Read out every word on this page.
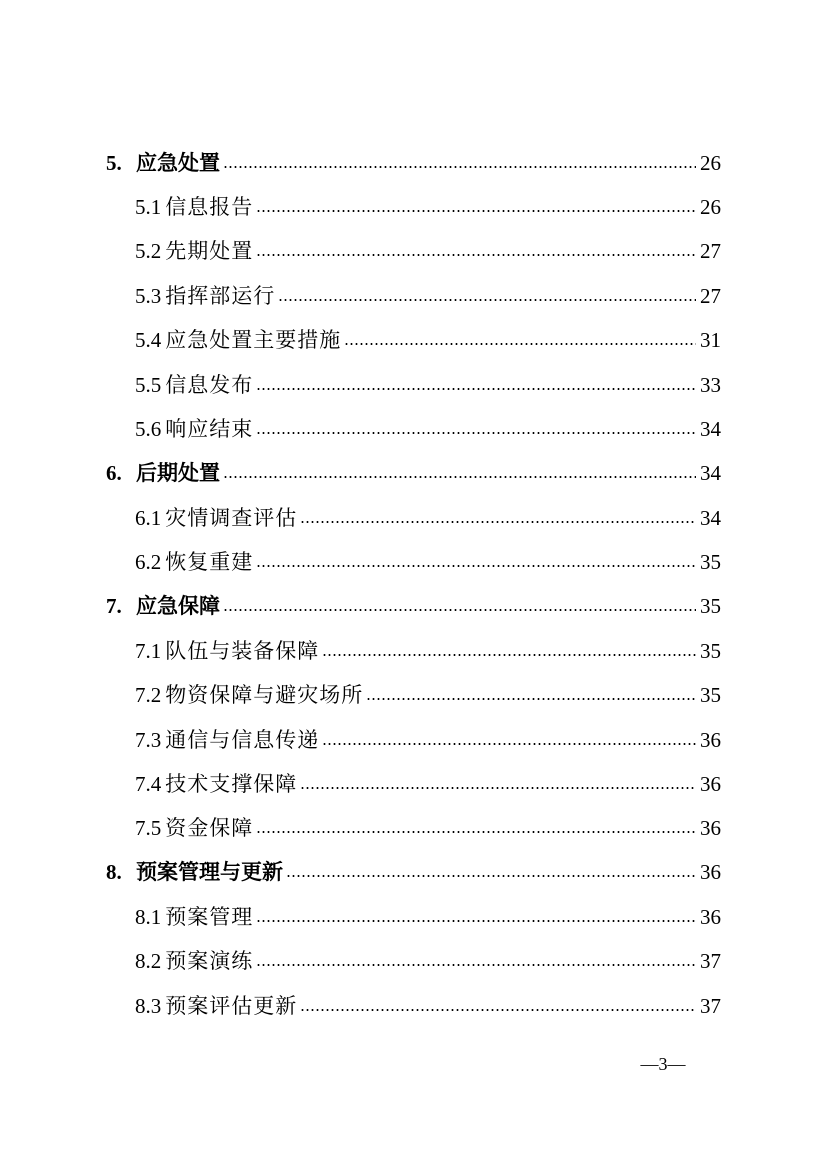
5. 应急处置	26
5.1 信息报告	26
5.2 先期处置	27
5.3 指挥部运行	27
5.4 应急处置主要措施	31
5.5 信息发布	33
5.6 响应结束	34
6. 后期处置	34
6.1 灾情调查评估	34
6.2 恢复重建	35
7. 应急保障	35
7.1 队伍与装备保障	35
7.2 物资保障与避灾场所	35
7.3 通信与信息传递	36
7.4 技术支撑保障	36
7.5 资金保障	36
8. 预案管理与更新	36
8.1 预案管理	36
8.2 预案演练	37
8.3 预案评估更新	37
—3—
